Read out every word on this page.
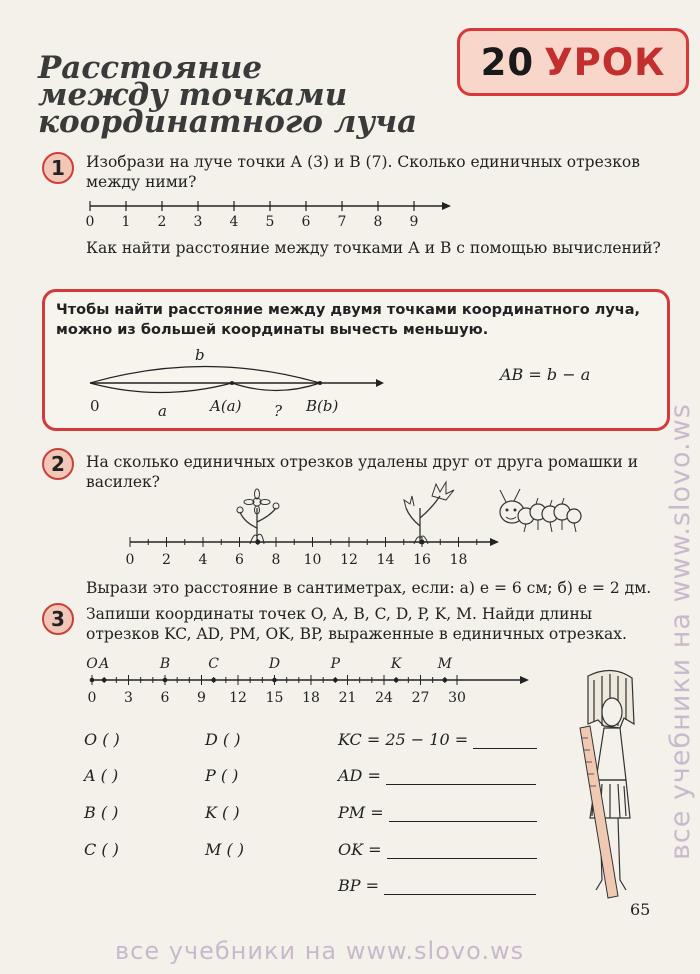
Расстояние
между точками
координатного луча
20 УРОК
1	Изобрази на луче точки А (3) и В (7). Сколько единичных отрезков между ними?
0 1 2 3 4 5 6 7 8 9
Как найти расстояние между точками А и В с помощью вычислений?
Чтобы найти расстояние между двумя точками координатного луча, можно из большей координаты вычесть меньшую.
b
0	a	A(a) ? B(b)
AB = b − a
2	На сколько единичных отрезков удалены друг от друга ромашки и василек?
0 2 4 6 8 10 12 14 16 18
Вырази это расстояние в сантиметрах, если: а) e = 6 см; б) e = 2 дм.
3	Запиши координаты точек O, A, B, C, D, P, K, M. Найди длины отрезков KC, AD, PM, OK, BP, выраженные в единичных отрезках.
0 3 6 9 12 15 18 21 24 27 30
O A	B	C	D	P	K	M
O ( )
A ( )
B ( )
C ( )
D ( )
P ( )
K ( )
M ( )
KC = 25 − 10 =
AD =
PM =
OK =
BP =
65
все учебники на www.slovo.ws
все учебники на www.slovo.ws
